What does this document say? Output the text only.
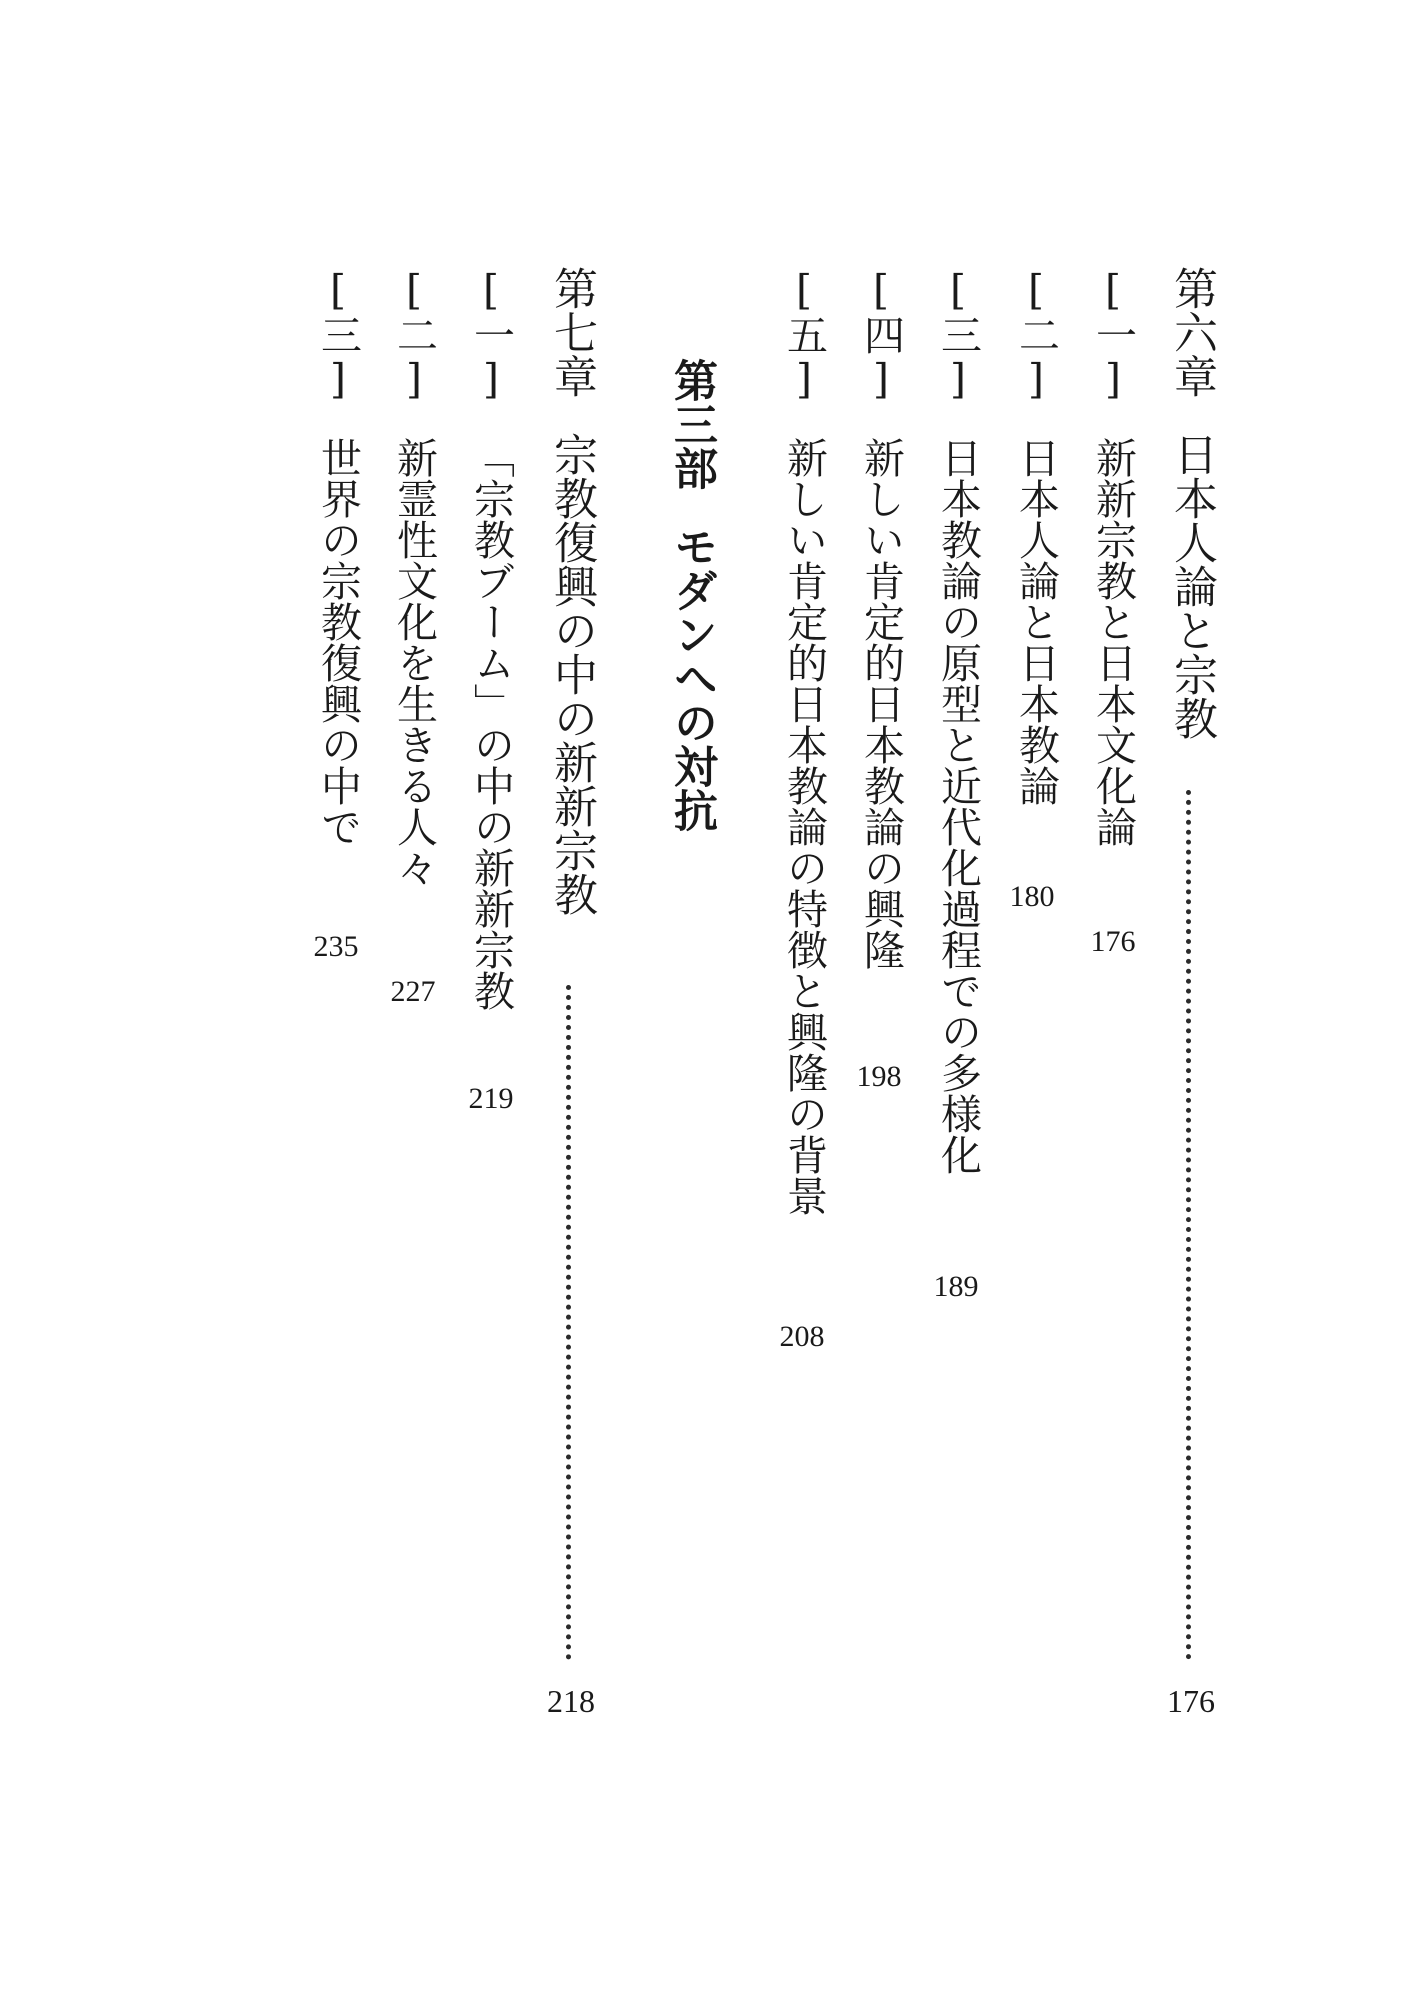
第六章日本人論と宗教
176
[一]新新宗教と日本文化論
176
[二]日本人論と日本教論
180
[三]日本教論の原型と近代化過程での多様化
189
[四]新しい肯定的日本教論の興隆
198
[五]新しい肯定的日本教論の特徴と興隆の背景
208
第三部モダンへの対抗
第七章宗教復興の中の新新宗教
218
[一]「宗教ブーム」の中の新新宗教
219
[二]新霊性文化を生きる人々
227
[三]世界の宗教復興の中で
235
